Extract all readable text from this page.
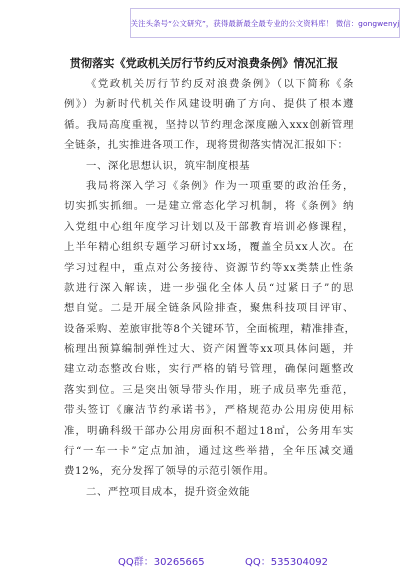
关注头条号“公文研究”，获得最新最全最专业的公文资料库！ 微信：gongwenyj
贯彻落实《党政机关厉行节约反对浪费条例》情况汇报
《党政机关厉行节约反对浪费条例》（以下简称《条
例》）为新时代机关作风建设明确了方向、提供了根本遵
循。我局高度重视，坚持以节约理念深度融入xxx创新管理
全链条，扎实推进各项工作，现将贯彻落实情况汇报如下：
一、深化思想认识，筑牢制度根基
我局将深入学习《条例》作为一项重要的政治任务，
切实抓实抓细。一是建立常态化学习机制，将《条例》纳
入党组中心组年度学习计划以及干部教育培训必修课程，
上半年精心组织专题学习研讨xx场，覆盖全员xx人次。在
学习过程中，重点对公务接待、资源节约等xx类禁止性条
款进行深入解读，进一步强化全体人员“过紧日子”的思
想自觉。二是开展全链条风险排查，聚焦科技项目评审、
设备采购、差旅审批等8个关键环节，全面梳理，精准排查，
梳理出预算编制弹性过大、资产闲置等xx项具体问题，并
建立动态整改台账，实行严格的销号管理，确保问题整改
落实到位。三是突出领导带头作用，班子成员率先垂范，
带头签订《廉洁节约承诺书》，严格规范办公用房使用标
准，明确科级干部办公用房面积不超过18㎡，公务用车实
行“一车一卡”定点加油，通过这些举措，全年压减交通
费12%，充分发挥了领导的示范引领作用。
二、严控项目成本，提升资金效能
QQ群：30265665	QQ：535304092
